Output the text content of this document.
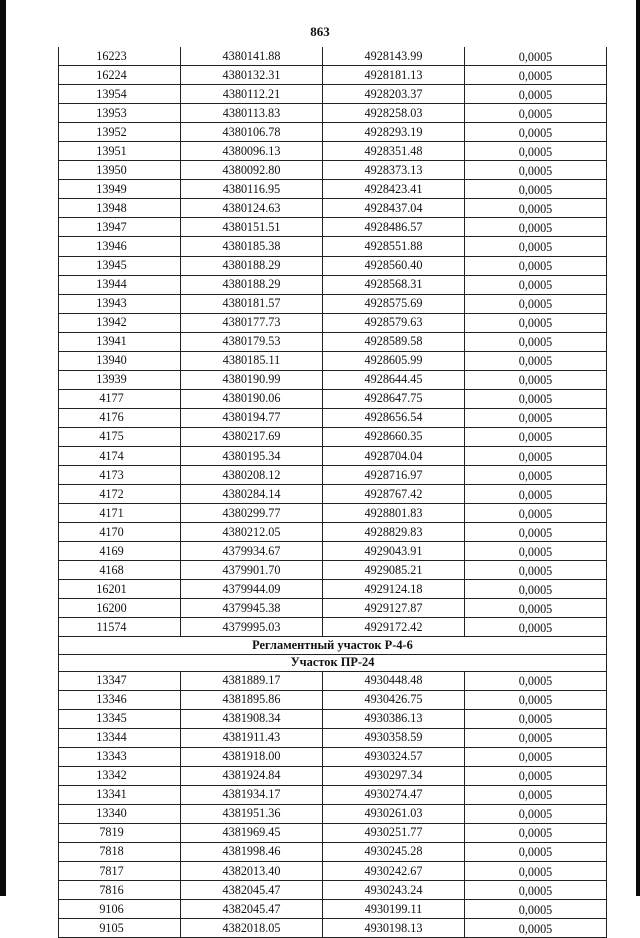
863
16223	4380141.88	4928143.99	0,0005
16224	4380132.31	4928181.13	0,0005
13954	4380112.21	4928203.37	0,0005
13953	4380113.83	4928258.03	0,0005
13952	4380106.78	4928293.19	0,0005
13951	4380096.13	4928351.48	0,0005
13950	4380092.80	4928373.13	0,0005
13949	4380116.95	4928423.41	0,0005
13948	4380124.63	4928437.04	0,0005
13947	4380151.51	4928486.57	0,0005
13946	4380185.38	4928551.88	0,0005
13945	4380188.29	4928560.40	0,0005
13944	4380188.29	4928568.31	0,0005
13943	4380181.57	4928575.69	0,0005
13942	4380177.73	4928579.63	0,0005
13941	4380179.53	4928589.58	0,0005
13940	4380185.11	4928605.99	0,0005
13939	4380190.99	4928644.45	0,0005
4177	4380190.06	4928647.75	0,0005
4176	4380194.77	4928656.54	0,0005
4175	4380217.69	4928660.35	0,0005
4174	4380195.34	4928704.04	0,0005
4173	4380208.12	4928716.97	0,0005
4172	4380284.14	4928767.42	0,0005
4171	4380299.77	4928801.83	0,0005
4170	4380212.05	4928829.83	0,0005
4169	4379934.67	4929043.91	0,0005
4168	4379901.70	4929085.21	0,0005
16201	4379944.09	4929124.18	0,0005
16200	4379945.38	4929127.87	0,0005
11574	4379995.03	4929172.42	0,0005
Регламентный участок Р-4-6			
Участок ПР-24			
13347	4381889.17	4930448.48	0,0005
13346	4381895.86	4930426.75	0,0005
13345	4381908.34	4930386.13	0,0005
13344	4381911.43	4930358.59	0,0005
13343	4381918.00	4930324.57	0,0005
13342	4381924.84	4930297.34	0,0005
13341	4381934.17	4930274.47	0,0005
13340	4381951.36	4930261.03	0,0005
7819	4381969.45	4930251.77	0,0005
7818	4381998.46	4930245.28	0,0005
7817	4382013.40	4930242.67	0,0005
7816	4382045.47	4930243.24	0,0005
9106	4382045.47	4930199.11	0,0005
9105	4382018.05	4930198.13	0,0005
